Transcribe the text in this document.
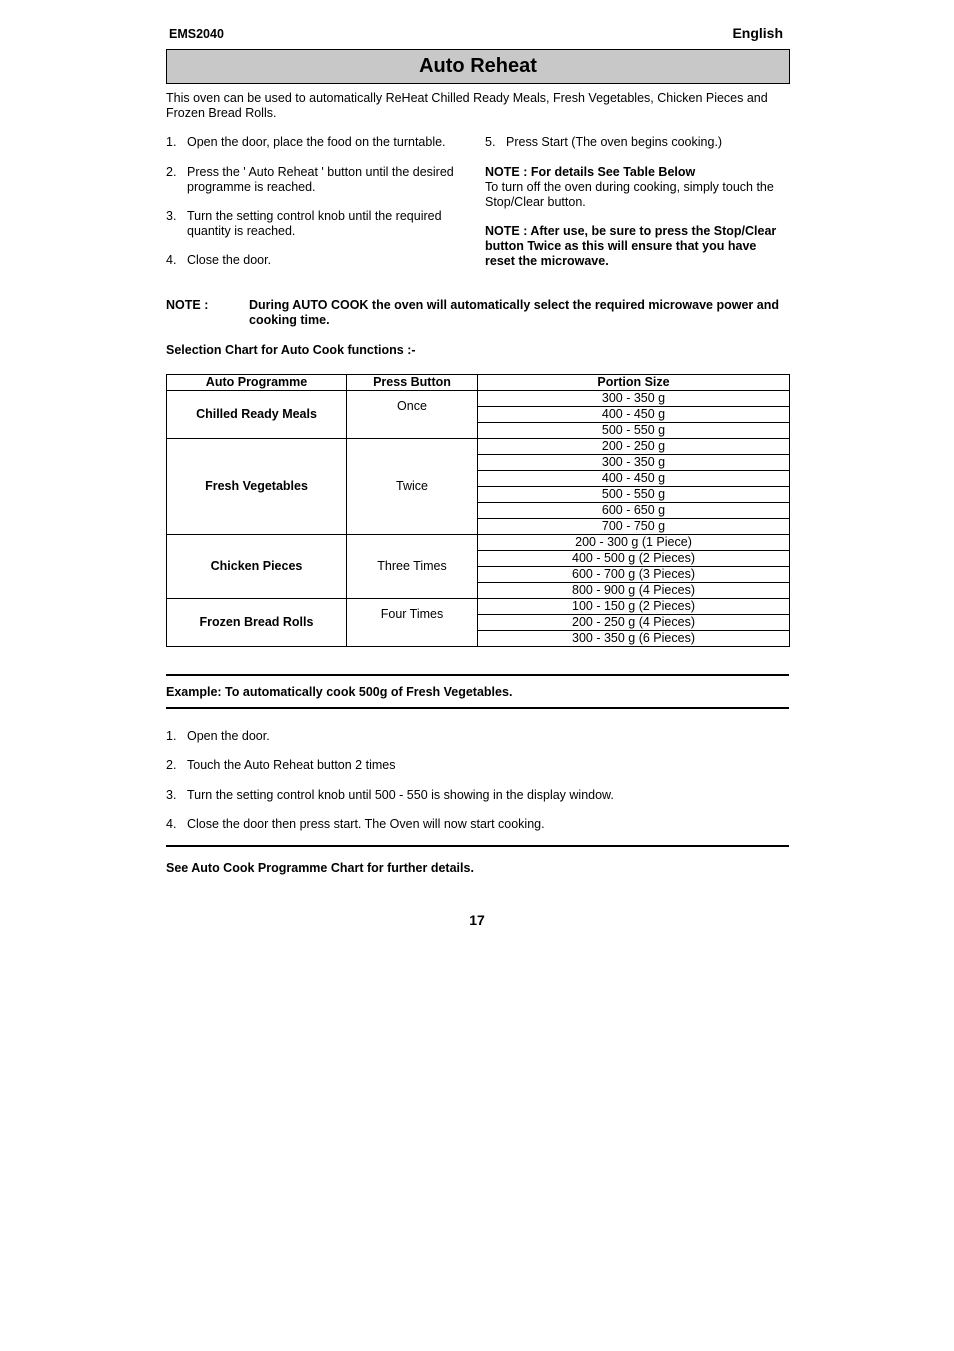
EMS2040	English
Auto Reheat
This oven can be used to automatically ReHeat Chilled Ready Meals, Fresh Vegetables, Chicken Pieces and Frozen Bread Rolls.
1. Open the door, place the food on the turntable.
2. Press the ' Auto Reheat ' button until the desired programme is reached.
3. Turn the setting control knob until the required quantity is reached.
4. Close the door.
5. Press Start (The oven begins cooking.)
NOTE : For details See Table Below
To turn off the oven during cooking, simply touch the Stop/Clear button.
NOTE : After use, be sure to press the Stop/Clear button Twice as this will ensure that you have reset the microwave.
NOTE :	During AUTO COOK the oven will automatically select the required microwave power and cooking time.
Selection Chart for Auto Cook functions :-
Auto Programme	Press Button	Portion Size
Chilled Ready Meals	Once	300 - 350 g
		400 - 450 g
		500 - 550 g
Fresh Vegetables	Twice	200 - 250 g
		300 - 350 g
		400 - 450 g
		500 - 550 g
		600 - 650 g
		700 - 750 g
Chicken Pieces	Three Times	200 - 300 g (1 Piece)
		400 - 500 g (2 Pieces)
		600 - 700 g (3 Pieces)
		800 - 900 g (4 Pieces)
Frozen Bread Rolls	Four Times	100 - 150 g (2 Pieces)
		200 - 250 g (4 Pieces)
		300 - 350 g (6 Pieces)
Example: To automatically cook 500g of Fresh Vegetables.
1. Open the door.
2. Touch the Auto Reheat button 2 times
3. Turn the setting control knob until 500 - 550 is showing in the display window.
4. Close the door then press start. The Oven will now start cooking.
See Auto Cook Programme Chart for further details.
17
